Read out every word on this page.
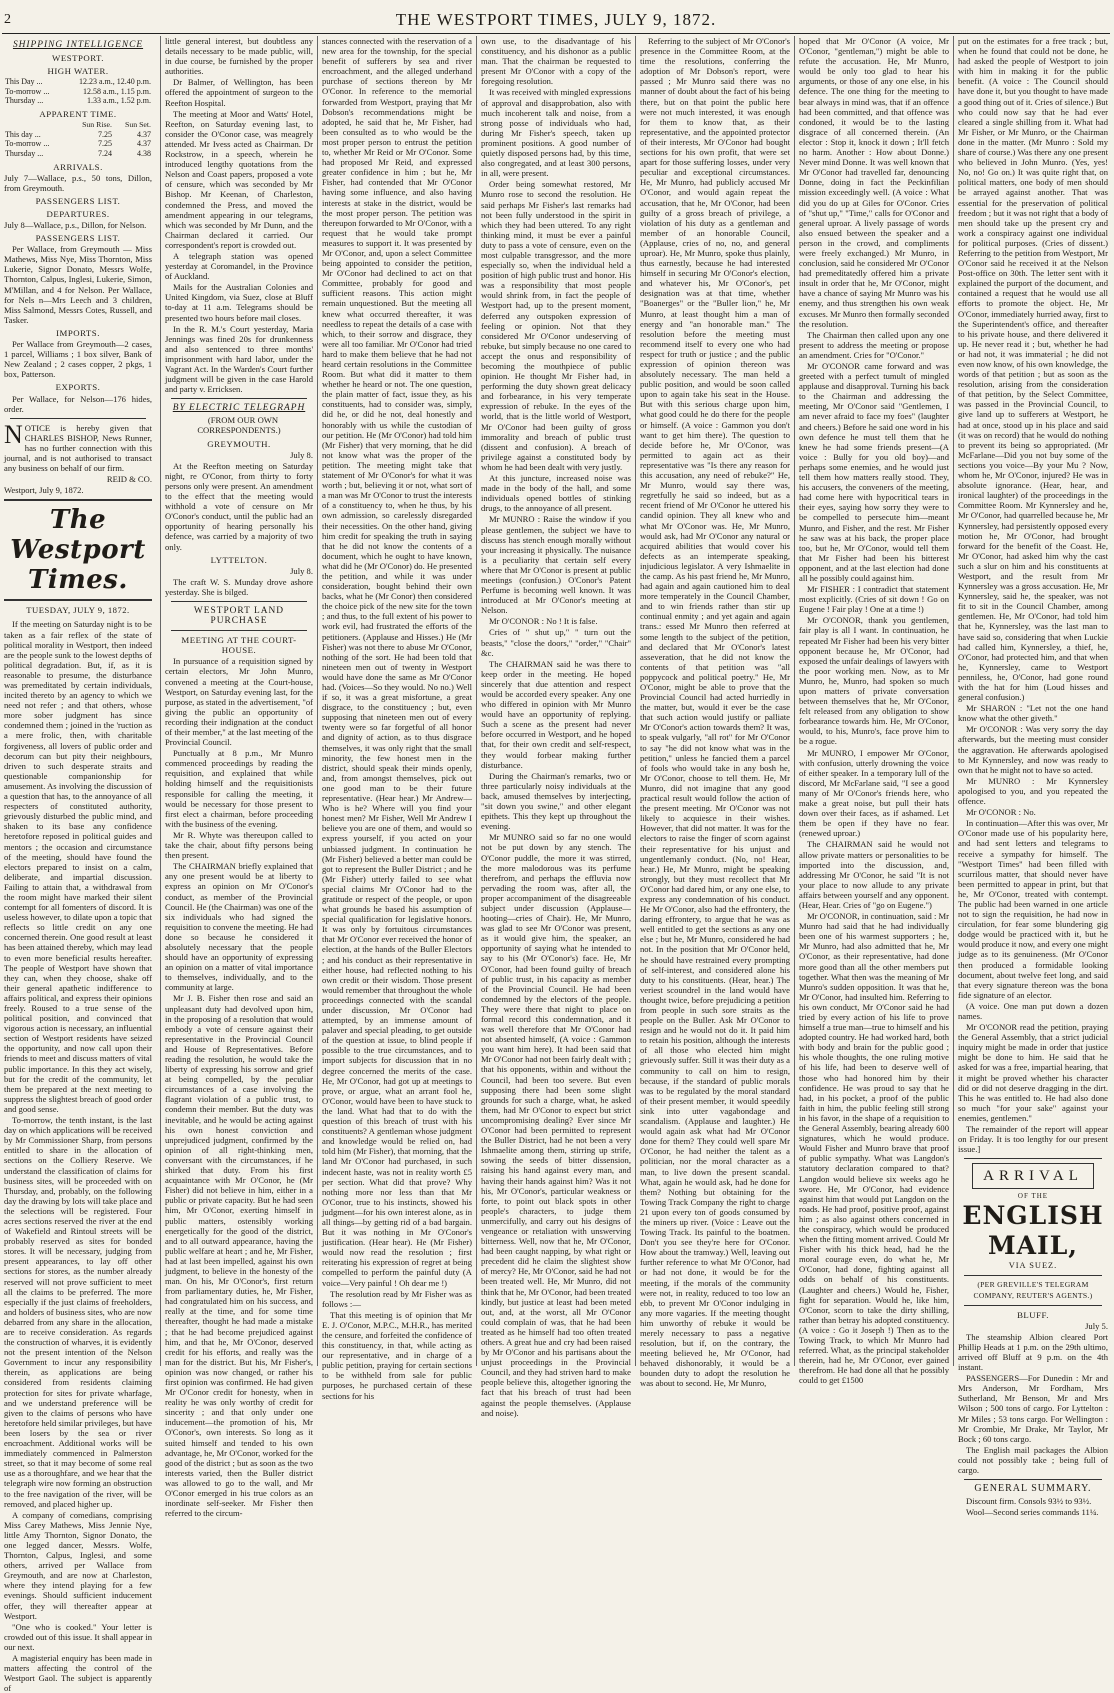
2	THE WESTPORT TIMES, JULY 9, 1872.
SHIPPING INTELLIGENCE
WESTPORT.
HIGH WATER.
This Day ...	12.23 a.m., 12.40 p.m.
To-morrow ...	12.58 a.m., 1.15 p.m.
Thursday ...	1.33 a.m., 1.52 p.m.
APPARENT TIME.
	Sun Rise.	Sun Set.
This day ...	7.25	4.37
To-morrow ...	7.25	4.37
Thursday ...	7.24	4.38
ARRIVALS.

July 7—Wallace, p.s., 50 tons, Dillon, from Greymouth.

PASSENGERS LIST.
DEPARTURES.

July 8—Wallace, p.s., Dillon, for Nelson.

PASSENGERS LIST.

Per Wallace, from Greymouth — Miss Mathews, Miss Nye, Miss Thornton, Miss Lukerie, Signor Donato, Messrs Wolfe, Thornton, Calpus, Inglesi, Lukerie, Simon, M'Millan, and 4 for Nelson. Per Wallace, for Nels n—Mrs Leech and 3 children, Miss Salmond, Messrs Cotes, Russell, and Tasker.

IMPORTS.

Per Wallace from Greymouth—2 cases, 1 parcel, Williams ; 1 box silver, Bank of New Zealand ; 2 cases copper, 2 pkgs, 1 box, Patterson.

EXPORTS.

Per Wallace, for Nelson—176 hides, order.

NOTICE is hereby given that CHARLES BISHOP, News Runner, has no further connection with this journal, and is not authorised to transact any business on behalf of our firm.

REID & CO.

Westport, July 9, 1872.

The Westport Times.
TUESDAY, JULY 9, 1872.

If the meeting on Saturday night is to be taken as a fair reflex of the state of political morality in Westport, then indeed are the people sunk to the lowest depths of political degradation. But, if, as it is reasonable to presume, the disturbance was premeditated by certain individuals, incited thereto by an agency to which we need not refer ; and that others, whose more sober judgment has since condemned them ; joined in the 'ruction as a mere frolic, then, with charitable forgiveness, all lovers of public order and decorum can but pity their neighbours, driven to such desperate straits and questionable companionship for amusement. As involving the discussion of a question that has, to the annoyance of all respecters of constituted authority, grievously disturbed the public mind, and shaken to its base any confidence heretofore reposed in political guides and mentors ; the occasion and circumstance of the meeting, should have found the electors prepared to insist on a calm, deliberate, and impartial discussion. Failing to attain that, a withdrawal from the room might have marked their silent contempt for all fomenters of discord. It is useless however, to dilate upon a topic that reflects so little credit on any one concerned therein. One good result at least has been attained thereby, which may lead to even more beneficial results hereafter. The people of Westport have shown that they can, when they choose, shake off their general apathetic indifference to affairs political, and express their opinions freely. Roused to a true sense of the political position, and convinced that vigorous action is necessary, an influential section of Westport residents have seized the opportunity, and now call upon their friends to meet and discuss matters of vital public importance. In this they act wisely, but for the credit of the community, let them be prepared at the next meeting to suppress the slightest breach of good order and good sense.

To-morrow, the tenth instant, is the last day on which applications will be received by Mr Commissioner Sharp, from persons entitled to share in the allocation of sections on the Colliery Reserve. We understand the classification of claims for business sites, will be proceeded with on Thursday, and, probably, on the following day the drawing by lots will take place and the selections will be registered. Four acres sections reserved the river at the end of Wakefield and Rintoul streets will be probably reserved as sites for bonded stores. It will be necessary, judging from present appearances, to lay off other sections for stores, as the number already reserved will not prove sufficient to meet all the claims to be preferred. The more especially if the just claims of freeholders, and holders of business sites, who are now debarred from any share in the allocation, are to receive consideration. As regards the construction of wharves, it is evidently not the present intention of the Nelson Government to incur any responsibility therein, as applications are being considered from residents claiming protection for sites for private wharfage, and we understand preference will be given to the claims of persons who have heretofore held similar privileges, but have been losers by the sea or river encroachment. Additional works will be immediately commenced in Palmerston street, so that it may become of some real use as a thoroughfare, and we hear that the telegraph wire now forming an obstruction to the free navigation of the river, will be removed, and placed higher up.

A company of comedians, comprising Miss Carey Mathews, Miss Jennie Nye, little Amy Thornton, Signor Donato, the one legged dancer, Messrs. Wolfe, Thornton, Calpus, Inglesi, and some others, arrived per Wallace from Greymouth, and are now at Charleston, where they intend playing for a few evenings. Should sufficient inducement offer, they will thereafter appear at Westport.

"One who is cooked." Your letter is crowded out of this issue. It shall appear in our next.

A magisterial enquiry has been made in matters affecting the control of the Westport Gaol. The subject is apparently of

little general interest, but doubtless any details necessary to be made public, will, in due course, be furnished by the proper authorities.

Dr Balmer, of Wellington, has been offered the appointment of surgeon to the Reefton Hospital.

The meeting at Moor and Watts' Hotel, Reefton, on Saturday evening last, to consider the O'Conor case, was meagrely attended. Mr Ivess acted as Chairman. Dr Rockstrow, in a speech, wherein he introduced lengthy quotations from the Nelson and Coast papers, proposed a vote of censure, which was seconded by Mr Bishop. Mr Keenan, of Charleston, condemned the Press, and moved the amendment appearing in our telegrams, which was seconded by Mr Dunn, and the Chairman declared it carried. Our correspondent's report is crowded out.

A telegraph station was opened yesterday at Coromandel, in the Province of Auckland.

Mails for the Australian Colonies and United Kingdom, via Suez, close at Bluff to-day at 11 a.m. Telegrams should be presented two hours before mail closes.

In the R. M.'s Court yesterday, Maria Jennings was fined 20s for drunkenness and also sentenced to three months' imprisonment with hard labor, under the Vagrant Act. In the Warden's Court further judgment will be given in the case Harold and party v. Erricksen.

BY ELECTRIC TELEGRAPH

(FROM OUR OWN CORRESPONDENTS.)

GREYMOUTH.

July 8.

At the Reefton meeting on Saturday night, re O'Conor, from thirty to forty persons only were present. An amendment to the effect that the meeting would withhold a vote of censure on Mr O'Conor's conduct, until the public had an opportunity of hearing personally his defence, was carried by a majority of two only.

LYTTELTON.

July 8.

The craft W. S. Munday drove ashore yesterday. She is bilged.

WESTPORT LAND PURCHASE
MEETING AT THE COURT-HOUSE.

In pursuance of a requisition signed by certain electors, Mr John Munro, convened a meeting at the Court-house, Westport, on Saturday evening last, for the purpose, as stated in the advertisement, "of giving the public an opportunity of recording their indignation at the conduct of their member," at the last meeting of the Provincial Council.

Punctually at 8 p.m., Mr Munro commenced proceedings by reading the requisition, and explained that while holding himself and the requisitionists responsible for calling the meeting, it would be necessary for those present to first elect a chairman, before proceeding with the business of the evening.

Mr R. Whyte was thereupon called to take the chair, about fifty persons being then present.

The CHAIRMAN briefly explained that any one present would be at liberty to express an opinion on Mr O'Conor's conduct, as member of the Provincial Council. He (the Chairman) was one of the six individuals who had signed the requisition to convene the meeting. He had done so because he considered it absolutely necessary that the people should have an opportunity of expressing an opinion on a matter of vital importance to themselves, individually, and to the community at large.

Mr J. B. Fisher then rose and said an unpleasant duty had devolved upon him, in the proposing of a resolution that would embody a vote of censure against their representative in the Provincial Council and House of Representatives. Before reading the resolution, he would take the liberty of expressing his sorrow and grief at being compelled, by the peculiar circumstances of a case involving the flagrant violation of a public trust, to condemn their member. But the duty was inevitable, and he would be acting against his own honest conviction and unprejudiced judgment, confirmed by the opinion of all right-thinking men, conversant with the circumstances, if he shirked that duty. From his first acquaintance with Mr O'Conor, he (Mr Fisher) did not believe in him, either in a public or private capacity. But he had seen him, Mr O'Conor, exerting himself in public matters, ostensibly working energetically for the good of the district, and to all outward appearance, having the public welfare at heart ; and he, Mr Fisher, had at last been impelled, against his own judgment, to believe in the honesty of the man. On his, Mr O'Conor's, first return from parliamentary duties, he, Mr Fisher, had congratulated him on his success, and really at the time, and for some time thereafter, thought he had made a mistake ; that he had become prejudiced against him, and that he, Mr O'Conor, deserved credit for his efforts, and really was the man for the district. But his, Mr Fisher's, opinion was now changed, or rather his first opinion was confirmed. He had given Mr O'Conor credit for honesty, when in reality he was only worthy of credit for sincerity ; and that only under one inducement—the promotion of his, Mr O'Conor's, own interests. So long as it suited himself and tended to his own advantage, he, Mr O'Conor, worked for the good of the district ; but as soon as the two interests varied, then the Buller district was allowed to go to the wall, and Mr O'Conor emerged in his true colors as an inordinate self-seeker. Mr Fisher then referred to the circum-

stances connected with the reservation of a new area for the township, for the special benefit of sufferers by sea and river encroachment, and the alleged underhand purchase of sections thereon by Mr O'Conor. In reference to the memorial forwarded from Westport, praying that Mr Dobson's recommendations might be adopted, he said that he, Mr Fisher, had been consulted as to who would be the most proper person to entrust the petition to, whether Mr Reid or Mr O'Conor. Some had proposed Mr Reid, and expressed greater confidence in him ; but he, Mr Fisher, had contended that Mr O'Conor having some influence, and also having interests at stake in the district, would be the most proper person. The petition was thereupon forwarded to Mr O'Conor, with a request that he would take prompt measures to support it. It was presented by Mr O'Conor, and, upon a select Committee being appointed to consider the petition, Mr O'Conor had declined to act on that Committee, probably for good and sufficient reasons. This action might remain unquestioned. But the meeting all knew what occurred thereafter, it was needless to repeat the details of a case with which, to their sorrow and disgrace, they were all too familiar. Mr O'Conor had tried hard to make them believe that he had not heard certain resolutions in the Committee Room. But what did it matter to them whether he heard or not. The one question, the plain matter of fact, issue they, as his constituents, had to consider was, simply, did he, or did he not, deal honestly and honorably with us while the custodian of our petition. He (Mr O'Conor) had told him (Mr Fisher) that very morning, that he did not know what was the proper of the petition. The meeting might take that statement of Mr O'Conor's for what it was worth ; but, believing it or not, what sort of a man was Mr O'Conor to trust the interests of a constituency to, when he thus, by his own admission, so carelessly disregarded their necessities. On the other hand, giving him credit for speaking the truth in saying that he did not know the contents of a document, which he ought to have known, what did he (Mr O'Conor) do. He presented the petition, and while it was under consideration, bought behind their own backs, what he (Mr Conor) then considered the choice pick of the new site for the town ; and thus, to the full extent of his power to work evil, had frustrated the efforts of the petitioners. (Applause and Hisses.) He (Mr Fisher) was not there to abuse Mr O'Conor, nothing of the sort. He had been told that nineteen men out of twenty in Westport would have done the same as Mr O'Conor had. (Voices—So they would. No no.) Well if so, it was a great misfortune, a great disgrace, to the constituency ; but, even supposing that nineteen men out of every twenty were so far forgetful of all honor and dignity of action, as to thus disgrace themselves, it was only right that the small minority, the few honest men in the district, should speak their minds openly, and, from amongst themselves, pick out one good man to be their future representative. (Hear hear.) Mr Andrew—Who is he? Where will you find your honest men? Mr Fisher, Well Mr Andrew I believe you are one of them, and would so express yourself, if you acted on your unbiassed judgment. In continuation he (Mr Fisher) believed a better man could be got to represent the Buller District ; and he (Mr Fisher) utterly failed to see what special claims Mr O'Conor had to the gratitude or respect of the people, or upon what grounds he based his assumption of special qualification for legislative honors. It was only by fortuitous circumstances that Mr O'Conor ever received the honor of election, at the hands of the Buller Electors ; and his conduct as their representative in either house, had reflected nothing to his own credit or their wisdom. Those present would remember that throughout the whole proceedings connected with the scandal under discussion, Mr O'Conor had attempted, by an immense amount of palaver and special pleading, to get outside of the question at issue, to blind people if possible to the true circumstances, and to import subjects for discussion that in no degree concerned the merits of the case. He, Mr O'Conor, had got up at meetings to prove, or argue, what an arrant fool he, O'Conor, would have been to have stuck to the land. What had that to do with the question of this breach of trust with his constituents? A gentleman whose judgment and knowledge would be relied on, had told him (Mr Fisher), that morning, that the land Mr O'Conor had purchased, in such indecent haste, was not in reality worth £5 per section. What did that prove? Why nothing more nor less than that Mr O'Conor, true to his instincts, showed his judgment—for his own interest alone, as in all things—by getting rid of a bad bargain. But it was nothing in Mr O'Conor's justification. (Hear hear). He (Mr Fisher) would now read the resolution ; first reiterating his expression of regret at being compelled to perform the painful duty (A voice—Very painful ! Oh dear me !)

The resolution read by Mr Fisher was as follows :—

That this meeting is of opinion that Mr E. J. O'Conor, M.P.C., M.H.R., has merited the censure, and forfeited the confidence of this constituency, in that, while acting as our representative, and in charge of a public petition, praying for certain sections to be withheld from sale for public purposes, he purchased certain of these sections for his

own use, to the disadvantage of his constituency, and his dishonor as a public man. That the chairman be requested to present Mr O'Conor with a copy of the foregoing resolution.

It was received with mingled expressions of approval and disapprobation, also with much incoherent talk and noise, from a strong posse of individuals who had, during Mr Fisher's speech, taken up prominent positions. A good number of quietly disposed persons had, by this time, also congregated, and at least 300 persons, in all, were present.

Order being somewhat restored, Mr Munro rose to second the resolution. He said perhaps Mr Fisher's last remarks had not been fully understood in the spirit in which they had been uttered. To any right thinking mind, it must be ever a painful duty to pass a vote of censure, even on the most culpable transgressor, and the more especially so, when the individual held a position of high public trust and honor. His was a responsibility that most people would shrink from, in fact the people of Westport had, up to the present moment, deferred any outspoken expression of feeling or opinion. Not that they considered Mr O'Conor undeserving of rebuke, but simply because no one cared to accept the onus and responsibility of becoming the mouthpiece of public opinion. He thought Mr Fisher had, in performing the duty shown great delicacy and forbearance, in his very temperate expression of rebuke. In the eyes of the world, that is the little world of Westport, Mr O'Conor had been guilty of gross immorality and breach of public trust (dissent and confusion). A breach of privilege against a constituted body by whom he had been dealt with very justly.

At this juncture, increased noise was made in the body of the hall, and some individuals opened bottles of stinking drugs, to the annoyance of all present.

Mr MUNRO : Raise the window if you please gentlemen, the subject we have to discuss has stench enough morally without your increasing it physically. The nuisance is a peculiarity that certain self every where that Mr O'Conor is present at public meetings (confusion.) O'Conor's Patent Perfume is becoming well known. It was introduced at Mr O'Conor's meeting at Nelson.

Mr O'CONOR : No ! It is false.

Cries of " shut up," " turn out the beasts," "close the doors," "order," "Chair" &c.

The CHAIRMAN said he was there to keep order in the meeting. He hoped sincerely that due attention and respect would be accorded every speaker. Any one who differed in opinion with Mr Munro would have an opportunity of replying. Such a scene as the present had never before occurred in Westport, and he hoped that, for their own credit and self-respect, they would forbear making further disturbance.

During the Chairman's remarks, two or three particularly noisy individuals at the back, amused themselves by interjecting, "sit down you swine," and other elegant epithets. This they kept up throughout the evening.

Mr MUNRO said so far no one would not be put down by any stench. The O'Conor puddle, the more it was stirred, the more malodorous was its perfume therefrom, and perhaps the effluvia now pervading the room was, after all, the proper accompaniment of the disagreeable subject under discussion (Applause—hooting—cries of Chair). He, Mr Munro, was glad to see Mr O'Conor was present, as it would give him, the speaker, an opportunity of saying what he intended to say to his (Mr O'Conor's) face. He, Mr O'Conor, had been found guilty of breach of public trust, in his capacity as member of the Provincial Council. He had been condemned by the electors of the people. They were there that night to place on formal record this condemnation, and it was well therefore that Mr O'Conor had not absented himself, (A voice : Gammon you want him here). It had been said that Mr O'Conor had not been fairly dealt with ; that his opponents, within and without the Council, had been too severe. But even supposing there had been some slight grounds for such a charge, what, he asked them, had Mr O'Conor to expect but strict uncompromising dealing? Ever since Mr O'Conor had been permitted to represent the Buller District, had he not been a very Ishmaelite among them, stirring up strife, sowing the seeds of bitter dissension, raising his hand against every man, and having their hands against him? Was it not his, Mr O'Conor's, particular weakness or forte, to point out black spots in other people's characters, to judge them unmercifully, and carry out his designs of vengeance or retaliation with unswerving bitterness. Well, now that he, Mr O'Conor, had been caught napping, by what right or precedent did he claim the slightest show of mercy? He, Mr O'Conor, said he had not been treated well. He, Mr Munro, did not think that he, Mr O'Conor, had been treated kindly, but justice at least had been meted out, and, at the worst, all Mr O'Conor could complain of was, that he had been treated as he himself had too often treated others. A great hue and cry had been raised by Mr O'Conor and his partisans about the unjust proceedings in the Provincial Council, and they had striven hard to make people believe this, altogether ignoring the fact that his breach of trust had been against the people themselves. (Applause and noise).

Referring to the subject of Mr O'Conor's presence in the Committee Room, at the time the resolutions, conferring the adoption of Mr Dobson's report, were passed ; Mr Munro said there was no manner of doubt about the fact of his being there, but on that point the public here were not much interested, it was enough for them to know that, as their representative, and the appointed protector of their interests, Mr O'Conor had bought sections for his own profit, that were set apart for those suffering losses, under very peculiar and exceptional circumstances. He, Mr Munro, had publicly accused Mr O'Conor, and would again repeat the accusation, that he, Mr O'Conor, had been guilty of a gross breach of privilege, a violation of his duty as a gentleman and member of an honorable Council, (Applause, cries of no, no, and general uproar). He, Mr Munro, spoke thus plainly, thus earnestly, because he had interested himself in securing Mr O'Conor's election, and whatever his, Mr O'Conor's, pet designation was at that time, whether "Boanerges" or the "Buller lion," he, Mr Munro, at least thought him a man of energy and "an honorable man." The resolution before the meeting must recommend itself to every one who had respect for truth or justice ; and the public expression of opinion thereon was absolutely necessary. The man held a public position, and would be soon called upon to again take his seat in the House. But with this serious charge upon him, what good could he do there for the people or himself. (A voice : Gammon you don't want to get him there). The question to decide before he, Mr O'Conor, was permitted to again act as their representative was "Is there any reason for this accusation, any need of rebuke?" He, Mr Munro, would say there was, regretfully he said so indeed, but as a recent friend of Mr O'Conor he uttered his candid opinion. They all knew who and what Mr O'Conor was. He, Mr Munro, would ask, had Mr O'Conor any natural or acquired abilities that would cover his defects as an intemperate speaking, injudicious legislator. A very Ishmaelite in the camp. As his past friend he, Mr Munro, had again and again cautioned him to deal more temperately in the Council Chamber, and to win friends rather than stir up continual enmity ; and yet again and again trans.: essed Mr Munro then referred at some length to the subject of the petition, and declared that Mr O'Conor's latest asseveration, that he did not know the contents of that petition was "all poppycock and political poetry." He, Mr O'Conor, might be able to prove that the Provincial Council had acted hurriedly in the matter, but, would it ever be the case that such action would justify or palliate Mr O'Conor's action towards them? It was, to speak vulgarly, "all rot" for Mr O'Conor to say "he did not know what was in the petition," unless he fancied them a parcel of fools who would take in any bosh he, Mr O'Conor, choose to tell them. He, Mr Munro, did not imagine that any good practical result would follow the action of the present meeting. Mr O'Conor was not likely to acquiesce in their wishes. However, that did not matter. It was for the electors to raise the finger of scorn against their representative for his unjust and ungentlemanly conduct. (No, no! Hear, hear.) He, Mr Munro, might be speaking strongly, but they must recollect that Mr O'Conor had dared him, or any one else, to express any condemnation of his conduct. He Mr O'Conor, also had the effrontery, the daring effrontery, to argue that he was as well entitled to get the sections as any one else ; but he, Mr Munro, considered he had not. In the position that Mr O'Conor held, he should have restrained every prompting of self-interest, and considered alone his duty to his constituents. (Hear, hear.) The veriest scoundrel in the land would have thought twice, before prejudicing a petition from people in such sore straits as the people on the Buller. Ask Mr O'Conor to resign and he would not do it. It paid him to retain his position, although the interests of all those who elected him might grievously suffer. Still it was their duty as a community to call on him to resign, because, if the standard of public morals was to be regulated by the moral standard of their present member, it would speedily sink into utter vagabondage and scandalism. (Applause and laughter.) He would again ask what had Mr O'Conor done for them? They could well spare Mr O'Conor, he had neither the talent as a politician, nor the moral character as a man, to live down the present scandal. What, again he would ask, had he done for them? Nothing but obtaining for the Towing Track Company the right to charge 21 upon every ton of goods consumed by the miners up river. (Voice : Leave out the Towing Track. Its painful to the boatmen. Don't you see they're here for O'Conor. How about the tramway.) Well, leaving out further reference to what Mr O'Conor, had or had not done, it would be for the meeting, if the morals of the community were not, in reality, reduced to too low an ebb, to prevent Mr O'Conor indulging in any more vagaries. If the meeting thought him unworthy of rebuke it would be merely necessary to pass a negative resolution, but if, on the contrary, the meeting believed he, Mr O'Conor, had behaved dishonorably, it would be a bounden duty to adopt the resolution he was about to second. He, Mr Munro,

hoped that Mr O'Conor (A voice, Mr O'Conor, "gentleman,") might be able to refute the accusation. He, Mr Munro, would be only too glad to hear his arguments, or those of any one else, in his defence. The one thing for the meeting to bear always in mind was, that if an offence had been committed, and that offence was condoned, it would be to the lasting disgrace of all concerned therein. (An elector : Stop it, knock it down ; It'll fetch no harm. Another : How about Donne.) Never mind Donne. It was well known that Mr O'Conor had travelled far, denouncing Donne, doing in fact the Peckinfilian mission exceedingly well. (A voice : What did you do up at Giles for O'Conor. Cries of "shut up," "Time," calls for O'Conor and general uproar. A lively passage of words also ensued between the speaker and a person in the crowd, and compliments were freely exchanged.) Mr Munro, in conclusion, said he considered Mr O'Conor had premeditatedly offered him a private insult in order that he, Mr O'Conor, might have a chance of saying Mr Munro was his enemy, and thus strengthen his own weak excuses. Mr Munro then formally seconded the resolution.

The Chairman then called upon any one present to address the meeting or propose an amendment. Cries for "O'Conor."

Mr O'CONOR came forward and was greeted with a perfect tumult of mingled applause and disapproval. Turning his back to the Chairman and addressing the meeting, Mr O'Conor said "Gentlemen, I am never afraid to face my foes" (laughter and cheers.) Before he said one word in his own defence he must tell them that he knew he had some friends present—(A voice : Bully for you old boy)—and perhaps some enemies, and he would just tell them how matters really stood. They, his accusers, the conveners of the meeting, had come here with hypocritical tears in their eyes, saying how sorry they were to be compelled to persecute him—meant Munro, and Fisher, and the rest. Mr Fisher he saw was at his back, the proper place too, but he, Mr O'Conor, would tell them that Mr Fisher had been his bitterest opponent, and at the last election had done all he possibly could against him.

Mr FISHER : I contradict that statement most explicitly. (Cries of sit down ! Go on Eugene ! Fair play ! One at a time !)

Mr O'CONOR, thank you gentlemen, fair play is all I want. In continuation, he repeated Mr Fisher had been his very bitter opponent because he, Mr O'Conor, had exposed the unfair dealings of lawyers with the poor working men. Now, as to Mr Munro, he, Munro, had spoken so much upon matters of private conversation between themselves that he, Mr O'Conor, felt released from any obligation to show forbearance towards him. He, Mr O'Conor, would, to his, Munro's, face prove him to be a rogue.

Mr MUNRO, I empower Mr O'Conor, with confusion, utterly drowning the voice of either speaker. In a temporary lull of the discord, Mr McFarlane said, "I see a good many of Mr O'Conor's friends here, who make a great noise, but pull their hats down over their faces, as if ashamed. Let them be open if they have no fear. (renewed uproar.)

The CHAIRMAN said he would not allow private matters or personalities to be imported into the discussion, and, addressing Mr O'Conor, he said "It is not your place to now allude to any private affairs between yourself and any opponent. (Hear, Hear. Cries of "go on Eugene.")

Mr O'CONOR, in continuation, said : Mr Munro had said that he had individually been one of his warmest supporters ; he, Mr Munro, had also admitted that he, Mr O'Conor, as their representative, had done more good than all the other members put together. What then was the meaning of Mr Munro's sudden opposition. It was that he, Mr O'Conor, had insulted him. Referring to his own conduct, Mr O'Conor said he had tried by every action of his life to prove himself a true man—true to himself and his adopted country. He had worked hard, both with body and brain for the public good ; his whole thoughts, the one ruling motive of his life, had been to deserve well of those who had honored him by their confidence. He was proud to say that he had, in his pocket, a proof of the public faith in him, the public feeling still strong in his favor, in the shape of a requisition to the General Assembly, bearing already 600 signatures, which he would produce. Would Fisher and Munro brave that proof of public sympathy. What was Langdon's statutory declaration compared to that? Langdon would believe six weeks ago he swore. He, Mr O'Conor, had evidence against him that would put Langdon on the roads. He had proof, positive proof, against him ; as also against others concerned in the conspiracy, which would be produced when the fitting moment arrived. Could Mr Fisher with his thick head, had he the moral courage even, do what he, Mr O'Conor, had done, fighting against all odds on behalf of his constituents. (Laughter and cheers.) Would he, Fisher, fight for separation. Would he, like him, O'Conor, scorn to take the dirty shilling, rather than betray his adopted constituency. (A voice : Go it Joseph !) Then as to the Towing Track, to which Mr Munro had referred. What, as the principal stakeholder therein, had he, Mr O'Conor, ever gained therefrom. He had done all that he possibly could to get £1500

put on the estimates for a free track ; but, when he found that could not be done, he had asked the people of Westport to join with him in making it for the public benefit. (A voice : The Council should have done it, but you thought to have made a good thing out of it. Cries of silence.) But who could now say that he had ever cleared a single shilling from it. What had Mr Fisher, or Mr Munro, or the Chairman done in the matter. (Mr Munro : Sold my share of course.) Was there any one present who believed in John Munro. (Yes, yes! No, no! Go on.) It was quite right that, on political matters, one body of men should be arrayed against another. That was essential for the preservation of political freedom ; but it was not right that a body of men should take up the present cry and work a conspiracy against one individual for political purposes. (Cries of dissent.) Referring to the petition from Westport, Mr O'Conor said he received it at the Nelson Post-office on 30th. The letter sent with it explained the purport of the document, and contained a request that he would use all efforts to promote the object. He, Mr O'Conor, immediately hurried away, first to the Superintendent's office, and thereafter to his private house, and there delivered it up. He never read it ; but, whether he had or had not, it was immaterial ; he did not even now know, of his own knowledge, the words of that petition ; but as soon as the resolution, arising from the consideration of that petition, by the Select Committee, was passed in the Provincial Council, to give land up to sufferers at Westport, he had at once, stood up in his place and said (it was on record) that he would do nothing to prevent its being so appropriated. (Mr McFarlane—Did you not buy some of the sections you voice—By your Mu ? Now, whom he, Mr O'Conor, injured? He was in absolute ignorance. (Hear, hear, and ironical laughter) of the proceedings in the Committee Room. Mr Kynnersley and he, Mr O'Conor, had quarrelled because he, Mr Kynnersley, had persistently opposed every motion he, Mr O'Conor, had brought forward for the benefit of the Coast. He, Mr O'Conor, had asked him why the cast such a slur on him and his constituents at Westport, and the result from Mr Kynnersley was a gross accusation. He, Mr Kynnersley, said he, the speaker, was not fit to sit in the Council Chamber, among gentlemen. He, Mr O'Conor, had told him that he, Kynnersley, was the last man to have said so, considering that when Luckie had called him, Kynnersley, a thief, he, O'Conor, had protected him, and that when he, Kynnersley, came to Westport penniless, he, O'Conor, had gone round with the hat for him (Loud hisses and general confusion.)

Mr SHARON : "Let not the one hand know what the other giveth."

Mr O'CONOR : Was very sorry the day afterwards, but the meeting must consider the aggravation. He afterwards apologised to Mr Kynnersley, and now was ready to own that he might not to have so acted.

Mr MUNRO : Mr Kynnersley apologised to you, and you repeated the offence.

Mr O'CONOR : No.

In continuation—After this was over, Mr O'Conor made use of his popularity here, and had sent letters and telegrams to receive a sympathy for himself. The "Westport Times" had been filled with scurrilous matter, that should never have been permitted to appear in print, but that he, Mr O'Conor, treated with contempt. The public had been warned in one article not to sign the requisition, he had now in circulation, for fear some blundering gig dodge would be practiced with it, but he would produce it now, and every one might judge as to its genuineness. (Mr O'Conor then produced a formidable looking document, about twelve feet long, and said that every signature thereon was the bona fide signature of an elector.

(A voice. One man put down a dozen names.

Mr O'CONOR read the petition, praying the General Assembly, that a strict judicial inquiry might be made in order that justice might be done to him. He said that he asked for was a free, impartial hearing, that it might be proved whether his character did or did not deserve dragging in the dirt. This he was entitled to. He had also done so much "for your sake" against your enemies, gentlemen."

The remainder of the report will appear on Friday. It is too lengthy for our present issue.]

ARRIVAL
OF THE
ENGLISH MAIL,
VIA SUEZ.
(PER GREVILLE'S TELEGRAM COMPANY, REUTER'S AGENTS.)
BLUFF.

July 5.

The steamship Albion cleared Port Phillip Heads at 1 p.m. on the 29th ultimo, arrived off Bluff at 9 p.m. on the 4th instant.

PASSENGERS—For Dunedin : Mr and Mrs Anderson, Mr Fordham, Mrs Sutherland, Mr Benson, Mr and Mrs Wilson ; 500 tons of cargo. For Lyttelton : Mr Miles ; 53 tons cargo. For Wellington : Mr Crombie, Mr Drake, Mr Taylor, Mr Bock ; 60 tons cargo.

The English mail packages the Albion could not possibly take ; being full of cargo.

GENERAL SUMMARY.

Discount firm. Consols 93½ to 93½.

Wool—Second series commands 11¼.
